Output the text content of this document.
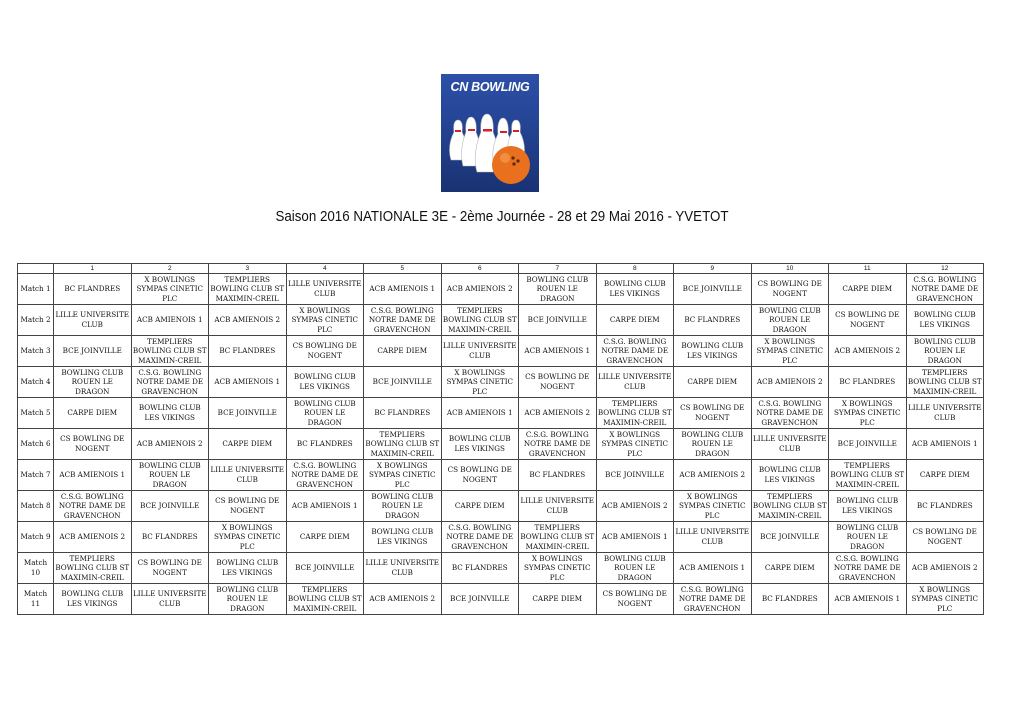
CN BOWLING
Saison 2016 NATIONALE 3E - 2ème Journée - 28 et 29 Mai 2016 - YVETOT
	1	2	3	4	5	6	7	8	9	10	11	12
Match 1	BC FLANDRES	X BOWLINGS SYMPAS CINETIC PLC	TEMPLIERS BOWLING CLUB ST MAXIMIN-CREIL	LILLE UNIVERSITE CLUB	ACB AMIENOIS 1	ACB AMIENOIS 2	BOWLING CLUB ROUEN LE DRAGON	BOWLING CLUB LES VIKINGS	BCE JOINVILLE	CS BOWLING DE NOGENT	CARPE DIEM	C.S.G. BOWLING NOTRE DAME DE GRAVENCHON
Match 2	LILLE UNIVERSITE CLUB	ACB AMIENOIS 1	ACB AMIENOIS 2	X BOWLINGS SYMPAS CINETIC PLC	C.S.G. BOWLING NOTRE DAME DE GRAVENCHON	TEMPLIERS BOWLING CLUB ST MAXIMIN-CREIL	BCE JOINVILLE	CARPE DIEM	BC FLANDRES	BOWLING CLUB ROUEN LE DRAGON	CS BOWLING DE NOGENT	BOWLING CLUB LES VIKINGS
Match 3	BCE JOINVILLE	TEMPLIERS BOWLING CLUB ST MAXIMIN-CREIL	BC FLANDRES	CS BOWLING DE NOGENT	CARPE DIEM	LILLE UNIVERSITE CLUB	ACB AMIENOIS 1	C.S.G. BOWLING NOTRE DAME DE GRAVENCHON	BOWLING CLUB LES VIKINGS	X BOWLINGS SYMPAS CINETIC PLC	ACB AMIENOIS 2	BOWLING CLUB ROUEN LE DRAGON
Match 4	BOWLING CLUB ROUEN LE DRAGON	C.S.G. BOWLING NOTRE DAME DE GRAVENCHON	ACB AMIENOIS 1	BOWLING CLUB LES VIKINGS	BCE JOINVILLE	X BOWLINGS SYMPAS CINETIC PLC	CS BOWLING DE NOGENT	LILLE UNIVERSITE CLUB	CARPE DIEM	ACB AMIENOIS 2	BC FLANDRES	TEMPLIERS BOWLING CLUB ST MAXIMIN-CREIL
Match 5	CARPE DIEM	BOWLING CLUB LES VIKINGS	BCE JOINVILLE	BOWLING CLUB ROUEN LE DRAGON	BC FLANDRES	ACB AMIENOIS 1	ACB AMIENOIS 2	TEMPLIERS BOWLING CLUB ST MAXIMIN-CREIL	CS BOWLING DE NOGENT	C.S.G. BOWLING NOTRE DAME DE GRAVENCHON	X BOWLINGS SYMPAS CINETIC PLC	LILLE UNIVERSITE CLUB
Match 6	CS BOWLING DE NOGENT	ACB AMIENOIS 2	CARPE DIEM	BC FLANDRES	TEMPLIERS BOWLING CLUB ST MAXIMIN-CREIL	BOWLING CLUB LES VIKINGS	C.S.G. BOWLING NOTRE DAME DE GRAVENCHON	X BOWLINGS SYMPAS CINETIC PLC	BOWLING CLUB ROUEN LE DRAGON	LILLE UNIVERSITE CLUB	BCE JOINVILLE	ACB AMIENOIS 1
Match 7	ACB AMIENOIS 1	BOWLING CLUB ROUEN LE DRAGON	LILLE UNIVERSITE CLUB	C.S.G. BOWLING NOTRE DAME DE GRAVENCHON	X BOWLINGS SYMPAS CINETIC PLC	CS BOWLING DE NOGENT	BC FLANDRES	BCE JOINVILLE	ACB AMIENOIS 2	BOWLING CLUB LES VIKINGS	TEMPLIERS BOWLING CLUB ST MAXIMIN-CREIL	CARPE DIEM
Match 8	C.S.G. BOWLING NOTRE DAME DE GRAVENCHON	BCE JOINVILLE	CS BOWLING DE NOGENT	ACB AMIENOIS 1	BOWLING CLUB ROUEN LE DRAGON	CARPE DIEM	LILLE UNIVERSITE CLUB	ACB AMIENOIS 2	X BOWLINGS SYMPAS CINETIC PLC	TEMPLIERS BOWLING CLUB ST MAXIMIN-CREIL	BOWLING CLUB LES VIKINGS	BC FLANDRES
Match 9	ACB AMIENOIS 2	BC FLANDRES	X BOWLINGS SYMPAS CINETIC PLC	CARPE DIEM	BOWLING CLUB LES VIKINGS	C.S.G. BOWLING NOTRE DAME DE GRAVENCHON	TEMPLIERS BOWLING CLUB ST MAXIMIN-CREIL	ACB AMIENOIS 1	LILLE UNIVERSITE CLUB	BCE JOINVILLE	BOWLING CLUB ROUEN LE DRAGON	CS BOWLING DE NOGENT
Match 10	TEMPLIERS BOWLING CLUB ST MAXIMIN-CREIL	CS BOWLING DE NOGENT	BOWLING CLUB LES VIKINGS	BCE JOINVILLE	LILLE UNIVERSITE CLUB	BC FLANDRES	X BOWLINGS SYMPAS CINETIC PLC	BOWLING CLUB ROUEN LE DRAGON	ACB AMIENOIS 1	CARPE DIEM	C.S.G. BOWLING NOTRE DAME DE GRAVENCHON	ACB AMIENOIS 2
Match 11	BOWLING CLUB LES VIKINGS	LILLE UNIVERSITE CLUB	BOWLING CLUB ROUEN LE DRAGON	TEMPLIERS BOWLING CLUB ST MAXIMIN-CREIL	ACB AMIENOIS 2	BCE JOINVILLE	CARPE DIEM	CS BOWLING DE NOGENT	C.S.G. BOWLING NOTRE DAME DE GRAVENCHON	BC FLANDRES	ACB AMIENOIS 1	X BOWLINGS SYMPAS CINETIC PLC
